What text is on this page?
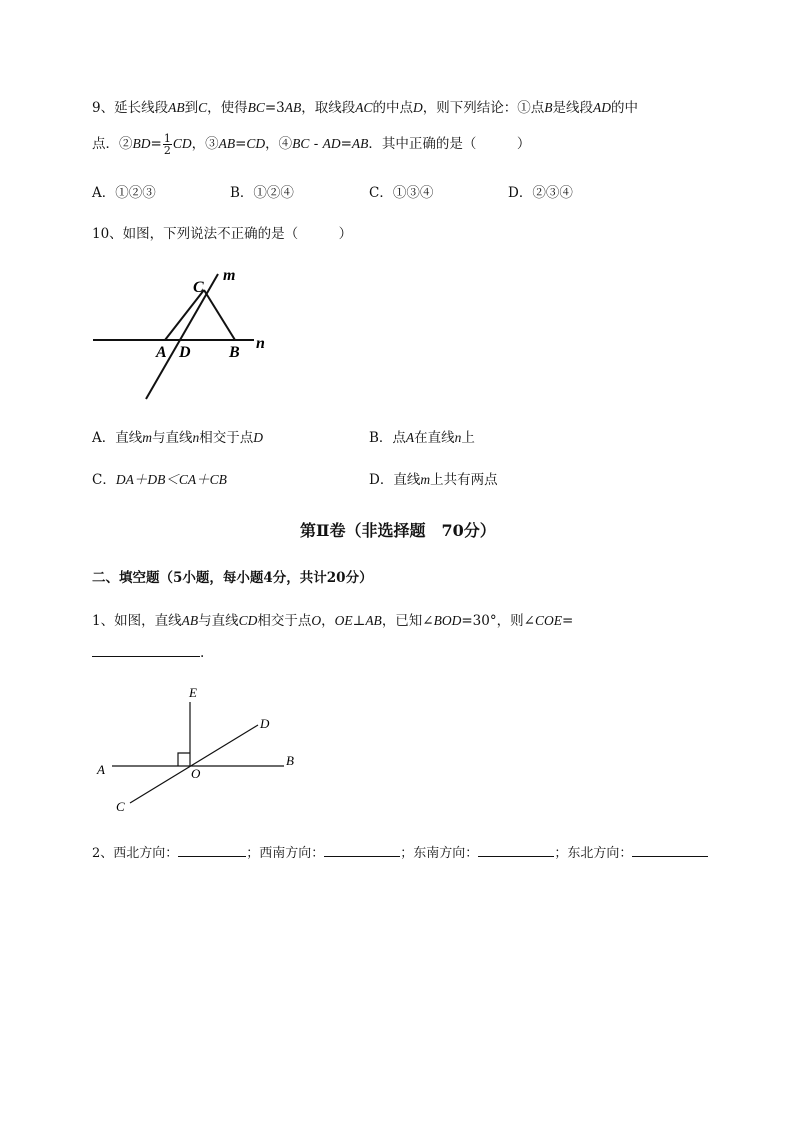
9、延长线段AB到C，使得BC=3AB，取线段AC的中点D，则下列结论：①点B是线段AD的中
点．②BD= $\frac{1}{2}$ CD，③AB=CD，④BC - AD=AB．其中正确的是（　　　）
A．①②③	B．①②④	C．①③④	D．②③④
10、如图，下列说法不正确的是（　　　）
C
m
A D B
n
A．直线m与直线n相交于点D	B．点A在直线n上
C．DA＋DB＜CA＋CB	D．直线m上共有两点
第Ⅱ卷（非选择题　70分）
二、填空题（5小题，每小题4分，共计20分）
1、如图，直线AB与直线CD相交于点O，OE⊥AB，已知∠BOD=30°，则∠COE=
.
E
D
A	O
B
C
2、西北方向：	；西南方向：	；东南方向：	；东北方向：
